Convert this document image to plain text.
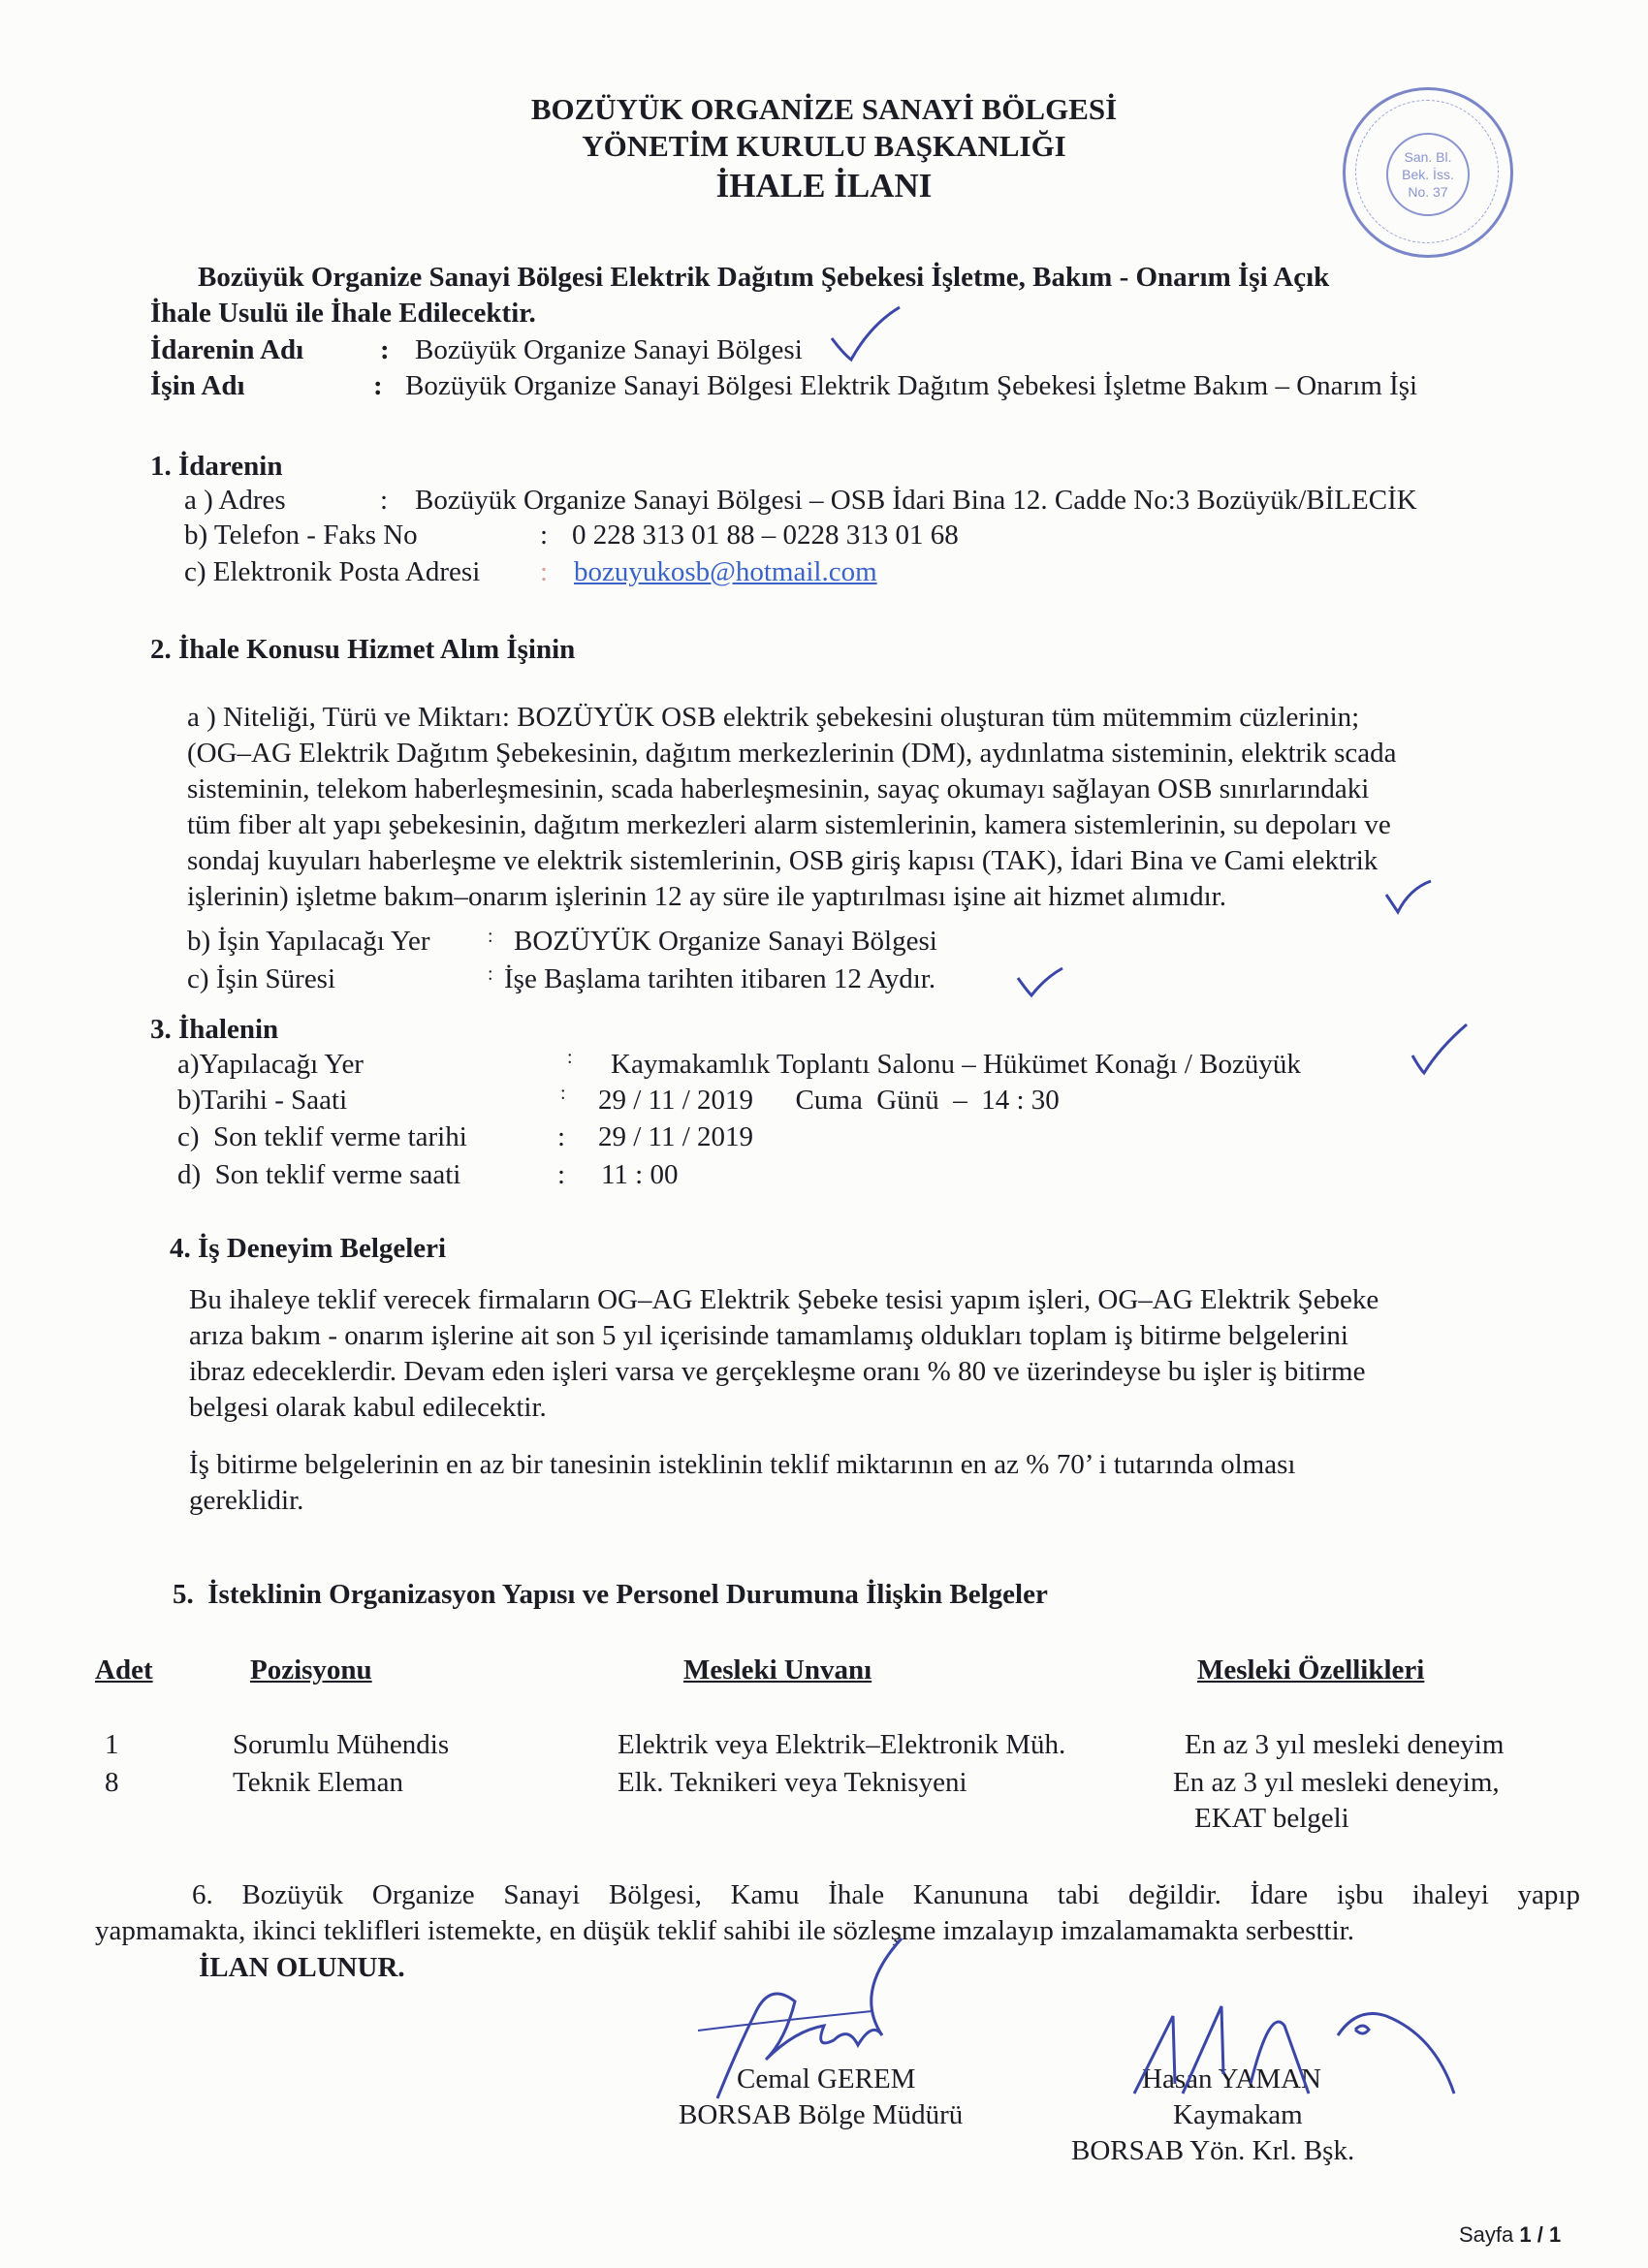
BOZÜYÜK ORGANİZE SANAYİ BÖLGESİ
YÖNETİM KURULU BAŞKANLIĞI
İHALE İLANI
San. Bl.
Bek. İss.
No. 37
Bozüyük Organize Sanayi Bölgesi Elektrik Dağıtım Şebekesi İşletme, Bakım - Onarım İşi Açık
İhale Usulü ile İhale Edilecektir.
İdarenin Adı	: Bozüyük Organize Sanayi Bölgesi
İşin Adı	: Bozüyük Organize Sanayi Bölgesi Elektrik Dağıtım Şebekesi İşletme Bakım – Onarım İşi
1. İdarenin
a ) Adres	: Bozüyük Organize Sanayi Bölgesi – OSB İdari Bina 12. Cadde No:3 Bozüyük/BİLECİK
b) Telefon - Faks No	: 0 228 313 01 88 – 0228 313 01 68
c) Elektronik Posta Adresi : bozuyukosb@hotmail.com
2. İhale Konusu Hizmet Alım İşinin
a ) Niteliği, Türü ve Miktarı: BOZÜYÜK OSB elektrik şebekesini oluşturan tüm mütemmim cüzlerinin;
(OG–AG Elektrik Dağıtım Şebekesinin, dağıtım merkezlerinin (DM), aydınlatma sisteminin, elektrik scada
sisteminin, telekom haberleşmesinin, scada haberleşmesinin, sayaç okumayı sağlayan OSB sınırlarındaki
tüm fiber alt yapı şebekesinin, dağıtım merkezleri alarm sistemlerinin, kamera sistemlerinin, su depoları ve
sondaj kuyuları haberleşme ve elektrik sistemlerinin, OSB giriş kapısı (TAK), İdari Bina ve Cami elektrik
işlerinin) işletme bakım–onarım işlerinin 12 ay süre ile yaptırılması işine ait hizmet alımıdır.
b) İşin Yapılacağı Yer	: BOZÜYÜK Organize Sanayi Bölgesi
c) İşin Süresi	: İşe Başlama tarihten itibaren 12 Aydır.
3. İhalenin
a)Yapılacağı Yer	: Kaymakamlık Toplantı Salonu – Hükümet Konağı / Bozüyük
b)Tarihi - Saati	: 29 / 11 / 2019      Cuma  Günü  –  14 : 30
c)  Son teklif verme tarihi	: 29 / 11 / 2019
d)  Son teklif verme saati	: 11 : 00
4. İş Deneyim Belgeleri
Bu ihaleye teklif verecek firmaların OG–AG Elektrik Şebeke tesisi yapım işleri, OG–AG Elektrik Şebeke
arıza bakım - onarım işlerine ait son 5 yıl içerisinde tamamlamış oldukları toplam iş bitirme belgelerini
ibraz edeceklerdir. Devam eden işleri varsa ve gerçekleşme oranı % 80 ve üzerindeyse bu işler iş bitirme
belgesi olarak kabul edilecektir.
İş bitirme belgelerinin en az bir tanesinin isteklinin teklif miktarının en az % 70’ i tutarında olması
gereklidir.
5.  İsteklinin Organizasyon Yapısı ve Personel Durumuna İlişkin Belgeler
Adet	Pozisyonu	Mesleki Unvanı	Mesleki Özellikleri
1	Sorumlu Mühendis	Elektrik veya Elektrik–Elektronik Müh.	En az 3 yıl mesleki deneyim
8	Teknik Eleman	Elk. Teknikeri veya Teknisyeni	En az 3 yıl mesleki deneyim,
EKAT belgeli
6. Bozüyük Organize Sanayi Bölgesi, Kamu İhale Kanununa tabi değildir. İdare işbu ihaleyi yapıp
yapmamakta, ikinci teklifleri istemekte, en düşük teklif sahibi ile sözleşme imzalayıp imzalamamakta serbesttir.
İLAN OLUNUR.
Cemal GEREM
BORSAB Bölge Müdürü
Hasan YAMAN
Kaymakam
BORSAB Yön. Krl. Bşk.
Sayfa 1 / 1
